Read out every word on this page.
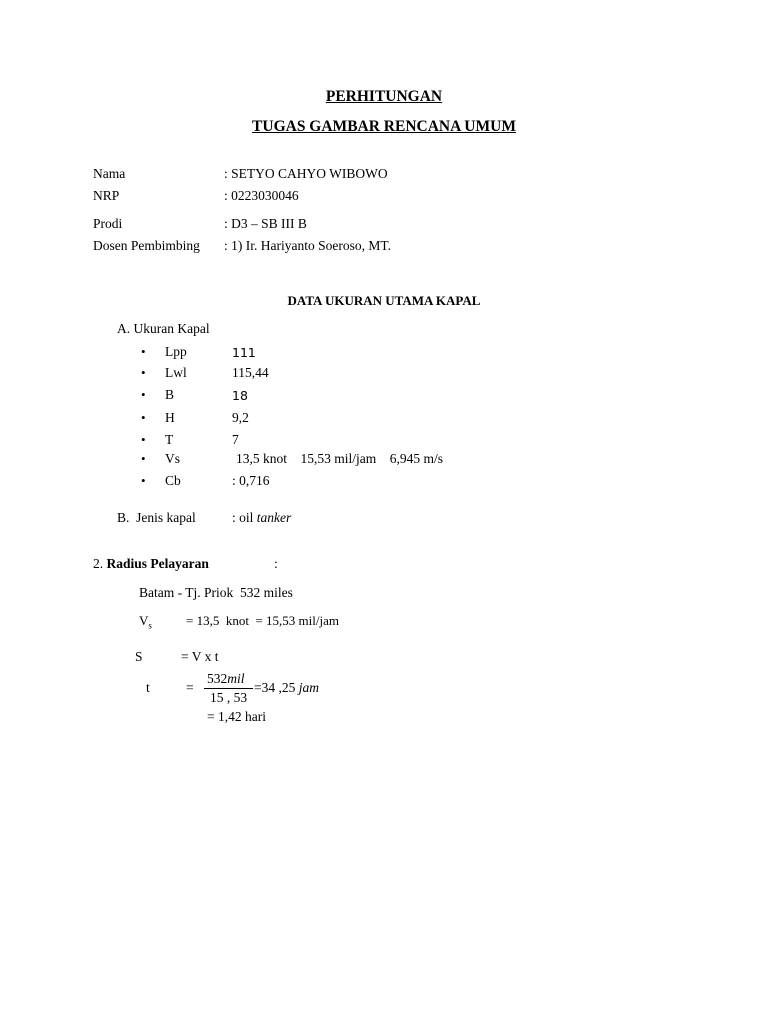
PERHITUNGAN
TUGAS GAMBAR RENCANA UMUM
Nama	: SETYO CAHYO WIBOWO
NRP	: 0223030046
Prodi	: D3 – SB III B
Dosen Pembimbing : 1) Ir. Hariyanto Soeroso, MT.
DATA UKURAN UTAMA KAPAL
A. Ukuran Kapal
• Lpp	111
• Lwl	115,44
• B	18
• H	9,2
• T	7
• Vs	13,5 knot    15,53 mil/jam    6,945 m/s
• Cb	: 0,716
B.  Jenis kapal	: oil tanker
2. Radius Pelayaran	:
Batam - Tj. Priok  532 miles
$V_s$	= 13,5  knot  = 15,53 mil/jam
S	= V x t
t	=
532mil
15 , 53
=34 ,25 jam
= 1,42 hari
